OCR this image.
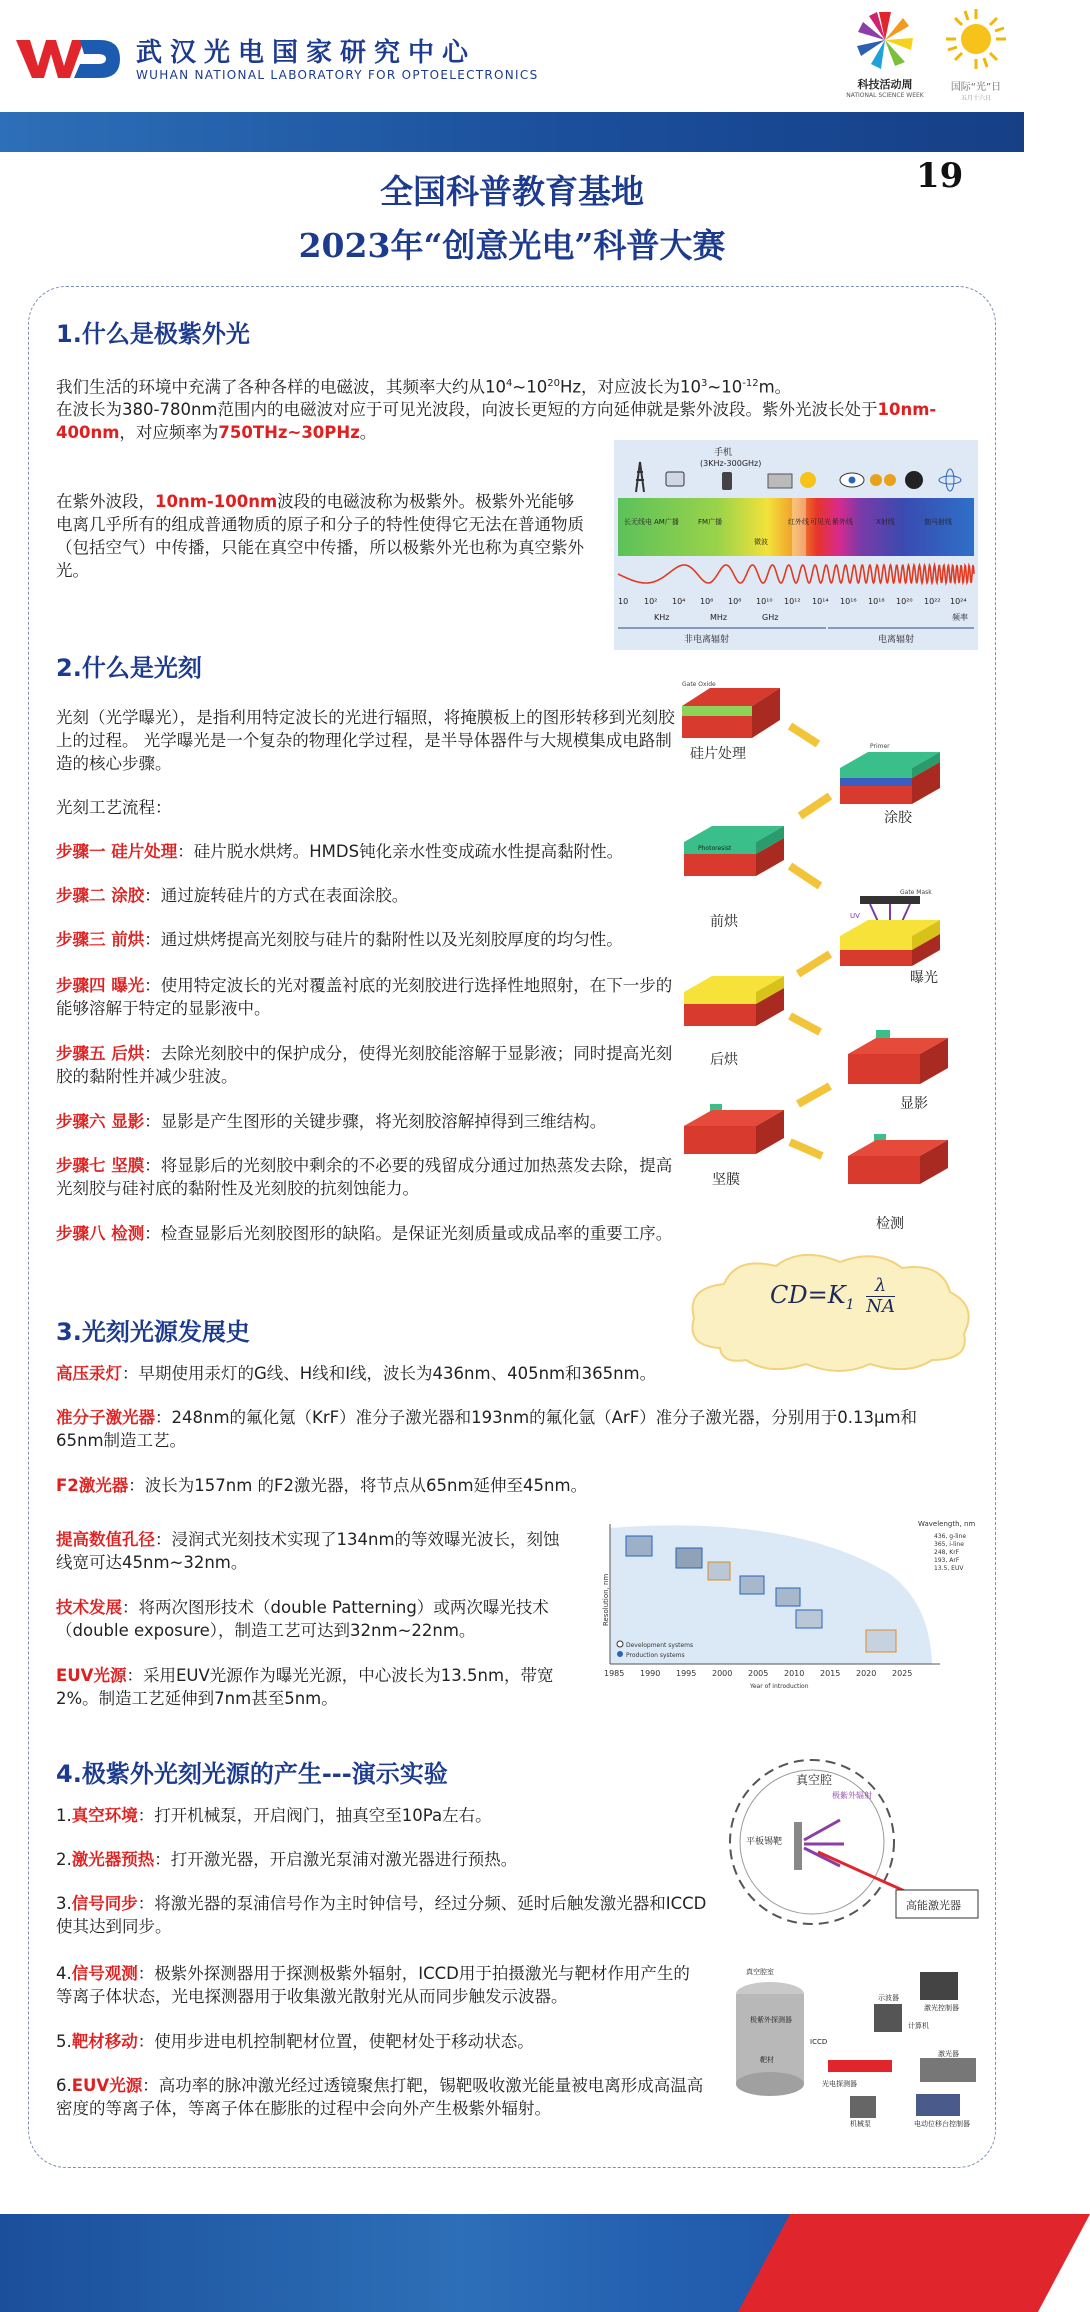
武汉光电国家研究中心
WUHAN NATIONAL LABORATORY FOR OPTOELECTRONICS
科技活动周
NATIONAL SCIENCE WEEK
国际“光”日
五月十六日
全国科普教育基地
2023年“创意光电”科普大赛
19
1.什么是极紫外光
我们生活的环境中充满了各种各样的电磁波，其频率大约从$10^4\sim 10^{20}Hz$，对应波长为$10^3\sim 10^{-12}m$。
在波长为380-780nm范围内的电磁波对应于可见光波段，向波长更短的方向延伸就是紫外波段。紫外光波长处于10nm-400nm，对应频率为750THz~30PHz。
在紫外波段，10nm-100nm波段的电磁波称为极紫外。极紫外光能够电离几乎所有的组成普通物质的原子和分子的特性使得它无法在普通物质（包括空气）中传播，只能在真空中传播，所以极紫外光也称为真空紫外光。
手机
(3KHz-300GHz)
长无线电 AM广播	FM广播
微波
红外线 可见光 紫外线	X射线	伽马射线
10 10² 10⁴ 10⁶ 10⁸ 10¹⁰ 10¹² 10¹⁴ 10¹⁶ 10¹⁸ 10²⁰ 10²² 10²⁴
KHz	MHz	GHz	频率
非电离辐射	电离辐射
2.什么是光刻
光刻（光学曝光），是指利用特定波长的光进行辐照，将掩膜板上的图形转移到光刻胶上的过程。 光学曝光是一个复杂的物理化学过程，是半导体器件与大规模集成电路制造的核心步骤。
光刻工艺流程：
步骤一 硅片处理：硅片脱水烘烤。HMDS钝化亲水性变成疏水性提高黏附性。
步骤二 涂胶：通过旋转硅片的方式在表面涂胶。
步骤三 前烘：通过烘烤提高光刻胶与硅片的黏附性以及光刻胶厚度的均匀性。
步骤四 曝光：使用特定波长的光对覆盖衬底的光刻胶进行选择性地照射，在下一步的能够溶解于特定的显影液中。
步骤五 后烘：去除光刻胶中的保护成分，使得光刻胶能溶解于显影液；同时提高光刻胶的黏附性并减少驻波。
步骤六 显影：显影是产生图形的关键步骤，将光刻胶溶解掉得到三维结构。
步骤七 坚膜：将显影后的光刻胶中剩余的不必要的残留成分通过加热蒸发去除，提高光刻胶与硅衬底的黏附性及光刻胶的抗刻蚀能力。
步骤八 检测：检查显影后光刻胶图形的缺陷。是保证光刻质量或成品率的重要工序。
Gate Oxide
硅片处理	Primer
涂胶
Photoresist
前烘
Gate Mask
UV
曝光
后烘
显影
坚膜
检测
$CD=K_1 \frac{\lambda}{NA}$
3.光刻光源发展史
高压汞灯：早期使用汞灯的G线、H线和I线，波长为436nm、405nm和365nm。
准分子激光器：248nm的氟化氪（KrF）准分子激光器和193nm的氟化氩（ArF）准分子激光器，分别用于0.13μm和65nm制造工艺。
F2激光器：波长为157nm 的F2激光器，将节点从65nm延伸至45nm。
提高数值孔径：浸润式光刻技术实现了134nm的等效曝光波长，刻蚀线宽可达45nm~32nm。
技术发展：将两次图形技术（double Patterning）或两次曝光技术（double exposure），制造工艺可达到32nm~22nm。
EUV光源：采用EUV光源作为曝光光源，中心波长为13.5nm，带宽2%。制造工艺延伸到7nm甚至5nm。
Resolution, nm
Year of introduction
1985 1990 1995 2000 2005 2010 2015 2020 2025
Development systems
Production systems
Wavelength, nm
436, g-line
365, i-line
248, KrF
193, ArF
13.5, EUV
4.极紫外光刻光源的产生---演示实验
1.真空环境：打开机械泵，开启阀门，抽真空至10Pa左右。
2.激光器预热：打开激光器，开启激光泵浦对激光器进行预热。
3.信号同步：将激光器的泵浦信号作为主时钟信号，经过分频、延时后触发激光器和ICCD使其达到同步。
4.信号观测：极紫外探测器用于探测极紫外辐射，ICCD用于拍摄激光与靶材作用产生的等离子体状态，光电探测器用于收集激光散射光从而同步触发示波器。
5.靶材移动：使用步进电机控制靶材位置，使靶材处于移动状态。
6.EUV光源：高功率的脉冲激光经过透镜聚焦打靶，锡靶吸收激光能量被电离形成高温高密度的等离子体，等离子体在膨胀的过程中会向外产生极紫外辐射。
真空腔
平板锡靶
极紫外辐射
高能激光器
真空腔室
极紫外探测器
ICCD
示波器
激光控制器
激光器
计算机
光电探测器
机械泵	电动位移台控制器
靶材
